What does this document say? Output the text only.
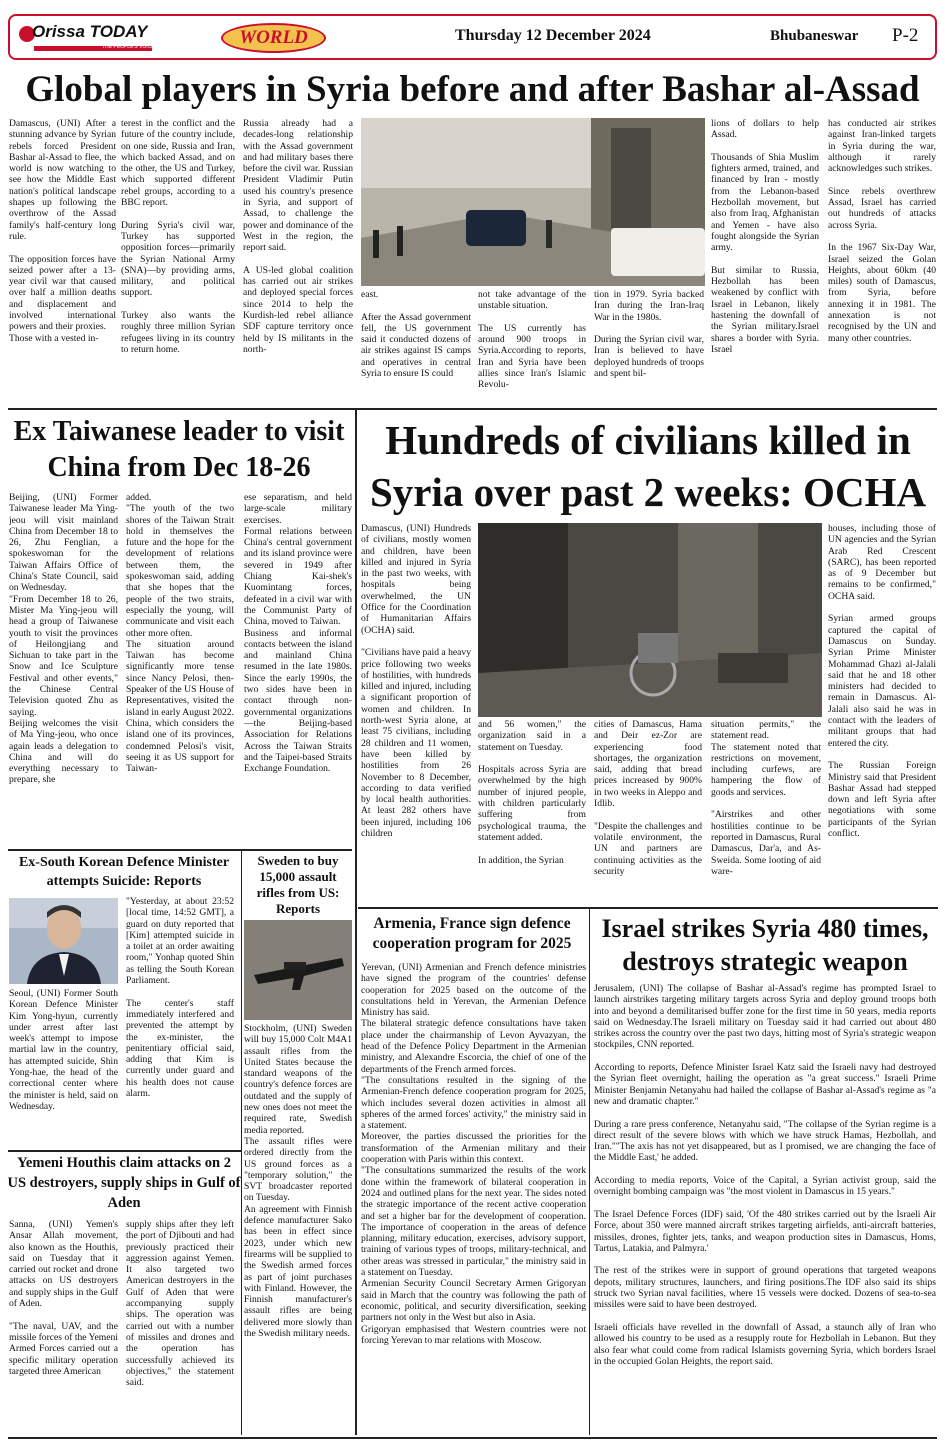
Orissa TODAY
THE PEOPLE'S VOICE	WORLD	Thursday 12 December 2024	Bhubaneswar	P-2
Global players in Syria before and after Bashar al-Assad
Damascus, (UNI) After a stunning advance by Syrian rebels forced President Bashar al-Assad to flee, the world is now watching to see how the Middle East nation's political landscape shapes up following the overthrow of the Assad family's half-century long rule.

The opposition forces have seized power after a 13-year civil war that caused over half a million deaths and displacement and involved international powers and their proxies.
Those with a vested in-
terest in the conflict and the future of the country include, on one side, Russia and Iran, which backed Assad, and on the other, the US and Turkey, which supported different rebel groups, according to a BBC report.

During Syria's civil war, Turkey has supported opposition forces—primarily the Syrian National Army (SNA)—by providing arms, military, and political support.

Turkey also wants the roughly three million Syrian refugees living in its country to return home.
Russia already had a decades-long relationship with the Assad government and had military bases there before the civil war. Russian President Vladimir Putin used his country's presence in Syria, and support of Assad, to challenge the power and dominance of the West in the region, the report said.

A US-led global coalition has carried out air strikes and deployed special forces since 2014 to help the Kurdish-led rebel alliance SDF capture territory once held by IS militants in the north-
east.

After the Assad government fell, the US government said it conducted dozens of air strikes against IS camps and operatives in central Syria to ensure IS could
not take advantage of the unstable situation.

The US currently has around 900 troops in Syria.According to reports, Iran and Syria have been allies since Iran's Islamic Revolu-
tion in 1979. Syria backed Iran during the Iran-Iraq War in the 1980s.

During the Syrian civil war, Iran is believed to have deployed hundreds of troops and spent bil-
lions of dollars to help Assad.

Thousands of Shia Muslim fighters armed, trained, and financed by Iran - mostly from the Lebanon-based Hezbollah movement, but also from Iraq, Afghanistan and Yemen - have also fought alongside the Syrian army.

But similar to Russia, Hezbollah has been weakened by conflict with Israel in Lebanon, likely hastening the downfall of the Syrian military.Israel shares a border with Syria. Israel
has conducted air strikes against Iran-linked targets in Syria during the war, although it rarely acknowledges such strikes.

Since rebels overthrew Assad, Israel has carried out hundreds of attacks across Syria.

In the 1967 Six-Day War, Israel seized the Golan Heights, about 60km (40 miles) south of Damascus, from Syria, before annexing it in 1981. The annexation is not recognised by the UN and many other countries.
Ex Taiwanese leader to visit China from Dec 18-26
Beijing, (UNI) Former Taiwanese leader Ma Ying-jeou will visit mainland China from December 18 to 26, Zhu Fenglian, a spokeswoman for the Taiwan Affairs Office of China's State Council, said on Wednesday.
"From December 18 to 26, Mister Ma Ying-jeou will head a group of Taiwanese youth to visit the provinces of Heilongjiang and Sichuan to take part in the Snow and Ice Sculpture Festival and other events," the Chinese Central Television quoted Zhu as saying.
Beijing welcomes the visit of Ma Ying-jeou, who once again leads a delegation to China and will do everything necessary to prepare, she
added.
"The youth of the two shores of the Taiwan Strait hold in themselves the future and the hope for the development of relations between them, the spokeswoman said, adding that she hopes that the people of the two straits, especially the young, will communicate and visit each other more often.
The situation around Taiwan has become significantly more tense since Nancy Pelosi, then-Speaker of the US House of Representatives, visited the island in early August 2022. China, which considers the island one of its provinces, condemned Pelosi's visit, seeing it as US support for Taiwan-
ese separatism, and held large-scale military exercises.
Formal relations between China's central government and its island province were severed in 1949 after Chiang Kai-shek's Kuomintang forces, defeated in a civil war with the Communist Party of China, moved to Taiwan.
Business and informal contacts between the island and mainland China resumed in the late 1980s. Since the early 1990s, the two sides have been in contact through non-governmental organizations—the Beijing-based Association for Relations Across the Taiwan Straits and the Taipei-based Straits Exchange Foundation.
Hundreds of civilians killed in Syria over past 2 weeks: OCHA
Damascus, (UNI) Hundreds of civilians, mostly women and children, have been killed and injured in Syria in the past two weeks, with hospitals being overwhelmed, the UN Office for the Coordination of Humanitarian Affairs (OCHA) said.

"Civilians have paid a heavy price following two weeks of hostilities, with hundreds killed and injured, including a significant proportion of women and children. In north-west Syria alone, at least 75 civilians, including 28 children and 11 women, have been killed by hostilities from 26 November to 8 December, according to data verified by local health authorities. At least 282 others have been injured, including 106 children
and 56 women," the organization said in a statement on Tuesday.

Hospitals across Syria are overwhelmed by the high number of injured people, with children particularly suffering from psychological trauma, the statement added.

In addition, the Syrian
cities of Damascus, Hama and Deir ez-Zor are experiencing food shortages, the organization said, adding that bread prices increased by 900% in two weeks in Aleppo and Idlib.

"Despite the challenges and volatile environment, the UN and partners are continuing activities as the security
situation permits," the statement read.
The statement noted that restrictions on movement, including curfews, are hampering the flow of goods and services.

"Airstrikes and other hostilities continue to be reported in Damascus, Rural Damascus, Dar'a, and As-Sweida. Some looting of aid ware-
houses, including those of UN agencies and the Syrian Arab Red Crescent (SARC), has been reported as of 9 December but remains to be confirmed," OCHA said.

Syrian armed groups captured the capital of Damascus on Sunday. Syrian Prime Minister Mohammad Ghazi al-Jalali said that he and 18 other ministers had decided to remain in Damascus. Al-Jalali also said he was in contact with the leaders of militant groups that had entered the city.

The Russian Foreign Ministry said that President Bashar Assad had stepped down and left Syria after negotiations with some participants of the Syrian conflict.
Ex-South Korean Defence Minister attempts Suicide: Reports
Seoul, (UNI) Former South Korean Defence Minister Kim Yong-hyun, currently under arrest after last week's attempt to impose martial law in the country, has attempted suicide, Shin Yong-hae, the head of the correctional center where the minister is held, said on Wednesday.
"Yesterday, at about 23:52 [local time, 14:52 GMT], a guard on duty reported that [Kim] attempted suicide in a toilet at an order awaiting room," Yonhap quoted Shin as telling the South Korean Parliament.

The center's staff immediately interfered and prevented the attempt by the ex-minister, the penitentiary official said, adding that Kim is currently under guard and his health does not cause alarm.
Yemeni Houthis claim attacks on 2 US destroyers, supply ships in Gulf of Aden
Sanna, (UNI) Yemen's Ansar Allah movement, also known as the Houthis, said on Tuesday that it carried out rocket and drone attacks on US destroyers and supply ships in the Gulf of Aden.

"The naval, UAV, and the missile forces of the Yemeni Armed Forces carried out a specific military operation targeted three American
supply ships after they left the port of Djibouti and had previously practiced their aggression against Yemen. It also targeted two American destroyers in the Gulf of Aden that were accompanying supply ships. The operation was carried out with a number of missiles and drones and the operation has successfully achieved its objectives," the statement said.
Sweden to buy 15,000 assault rifles from US: Reports
Stockholm, (UNI) Sweden will buy 15,000 Colt M4A1 assault rifles from the United States because the standard weapons of the country's defence forces are outdated and the supply of new ones does not meet the required rate, Swedish media reported.
The assault rifles were ordered directly from the US ground forces as a "temporary solution," the SVT broadcaster reported on Tuesday.
An agreement with Finnish defence manufacturer Sako has been in effect since 2023, under which new firearms will be supplied to the Swedish armed forces as part of joint purchases with Finland. However, the Finnish manufacturer's assault rifles are being delivered more slowly than the Swedish military needs.
Armenia, France sign defence cooperation program for 2025
Yerevan, (UNI) Armenian and French defence ministries have signed the program of the countries' defense cooperation for 2025 based on the outcome of the consultations held in Yerevan, the Armenian Defence Ministry has said.
The bilateral strategic defence consultations have taken place under the chairmanship of Levon Ayvazyan, the head of the Defence Policy Department in the Armenian ministry, and Alexandre Escorcia, the chief of one of the departments of the French armed forces.
"The consultations resulted in the signing of the Armenian-French defence cooperation program for 2025, which includes several dozen activities in almost all spheres of the armed forces' activity," the ministry said in a statement.
Moreover, the parties discussed the priorities for the transformation of the Armenian military and their cooperation with Paris within this context.
"The consultations summarized the results of the work done within the framework of bilateral cooperation in 2024 and outlined plans for the next year. The sides noted the strategic importance of the recent active cooperation and set a higher bar for the development of cooperation. The importance of cooperation in the areas of defence planning, military education, exercises, advisory support, training of various types of troops, military-technical, and other areas was stressed in particular," the ministry said in a statement on Tuesday.
Armenian Security Council Secretary Armen Grigoryan said in March that the country was following the path of economic, political, and security diversification, seeking partners not only in the West but also in Asia.
Grigoryan emphasised that Western countries were not forcing Yerevan to mar relations with Moscow.
Israel strikes Syria 480 times, destroys strategic weapon
Jerusalem, (UNI) The collapse of Bashar al-Assad's regime has prompted Israel to launch airstrikes targeting military targets across Syria and deploy ground troops both into and beyond a demilitarised buffer zone for the first time in 50 years, media reports said on Wednesday.The Israeli military on Tuesday said it had carried out about 480 strikes across the country over the past two days, hitting most of Syria's strategic weapon stockpiles, CNN reported.

According to reports, Defence Minister Israel Katz said the Israeli navy had destroyed the Syrian fleet overnight, hailing the operation as "a great success." Israeli Prime Minister Benjamin Netanyahu had hailed the collapse of Bashar al-Assad's regime as "a new and dramatic chapter."

During a rare press conference, Netanyahu said, "The collapse of the Syrian regime is a direct result of the severe blows with which we have struck Hamas, Hezbollah, and Iran.""The axis has not yet disappeared, but as I promised, we are changing the face of the Middle East,' he added.

According to media reports, Voice of the Capital, a Syrian activist group, said the overnight bombing campaign was "the most violent in Damascus in 15 years."

The Israel Defence Forces (IDF) said, 'Of the 480 strikes carried out by the Israeli Air Force, about 350 were manned aircraft strikes targeting airfields, anti-aircraft batteries, missiles, drones, fighter jets, tanks, and weapon production sites in Damascus, Homs, Tartus, Latakia, and Palmyra.'

The rest of the strikes were in support of ground operations that targeted weapons depots, military structures, launchers, and firing positions.The IDF also said its ships struck two Syrian naval facilities, where 15 vessels were docked. Dozens of sea-to-sea missiles were said to have been destroyed.

Israeli officials have revelled in the downfall of Assad, a staunch ally of Iran who allowed his country to be used as a resupply route for Hezbollah in Lebanon. But they also fear what could come from radical Islamists governing Syria, which borders Israel in the occupied Golan Heights, the report said.
